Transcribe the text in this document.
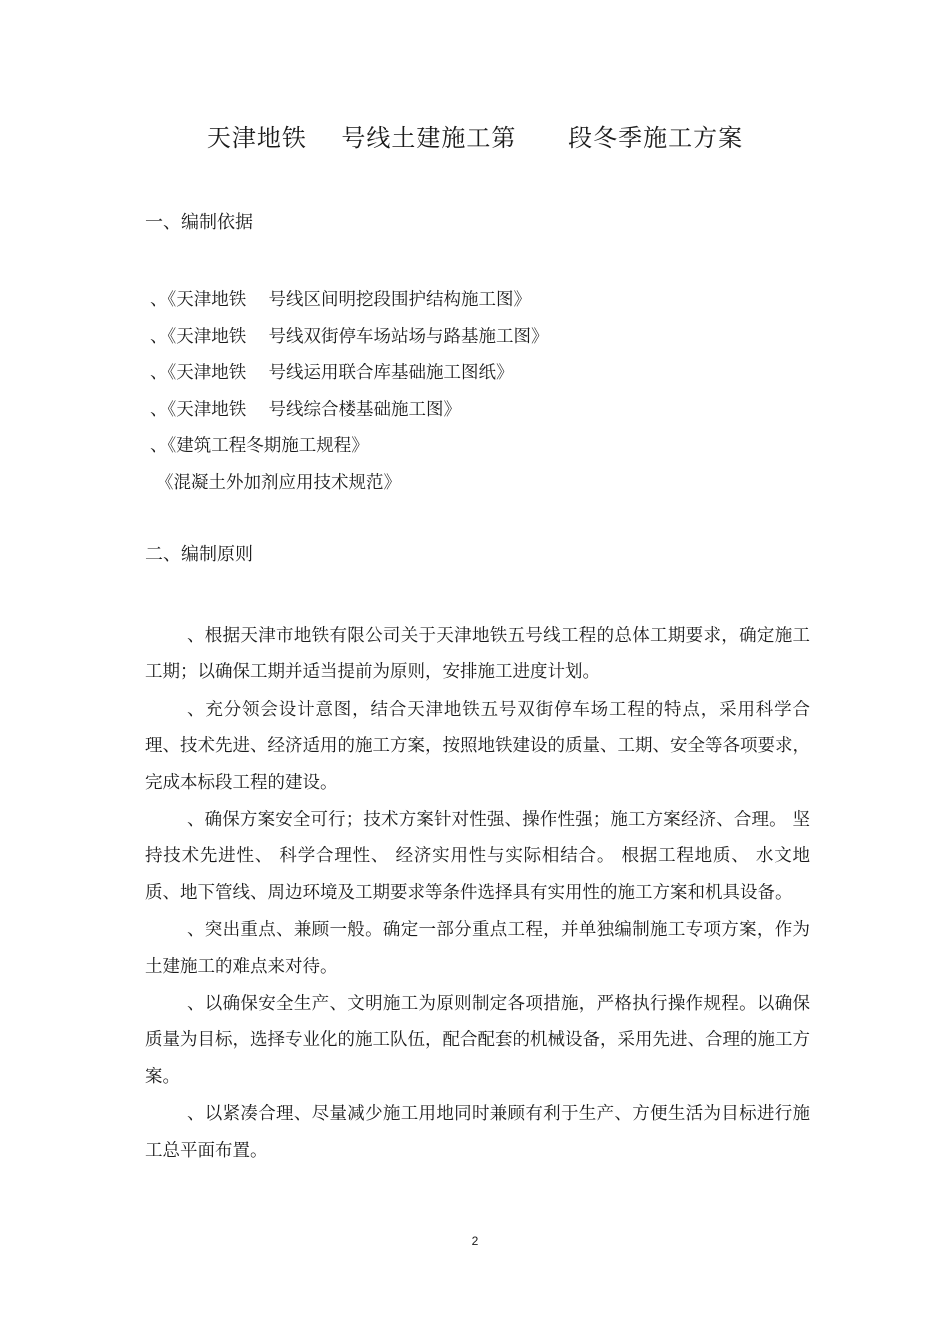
天津地铁    号线土建施工第      段冬季施工方案
一、编制依据
、《天津地铁    号线区间明挖段围护结构施工图》
、《天津地铁    号线双街停车场站场与路基施工图》
、《天津地铁    号线运用联合库基础施工图纸》
、《天津地铁    号线综合楼基础施工图》
、《建筑工程冬期施工规程》
《混凝土外加剂应用技术规范》
二、编制原则

、根据天津市地铁有限公司关于天津地铁五号线工程的总体工期要求，确定施工工期；以确保工期并适当提前为原则，安排施工进度计划。

、充分领会设计意图，结合天津地铁五号双街停车场工程的特点，采用科学合理、技术先进、经济适用的施工方案，按照地铁建设的质量、工期、安全等各项要求，完成本标段工程的建设。

、确保方案安全可行；技术方案针对性强、操作性强；施工方案经济、合理。 坚持技术先进性、 科学合理性、 经济实用性与实际相结合。 根据工程地质、 水文地质、地下管线、周边环境及工期要求等条件选择具有实用性的施工方案和机具设备。

、突出重点、兼顾一般。确定一部分重点工程，并单独编制施工专项方案，作为土建施工的难点来对待。

、以确保安全生产、文明施工为原则制定各项措施，严格执行操作规程。以确保  质量为目标，选择专业化的施工队伍，配合配套的机械设备，采用先进、合理的施工方案。

、以紧凑合理、尽量减少施工用地同时兼顾有利于生产、方便生活为目标进行施工总平面布置。

2
